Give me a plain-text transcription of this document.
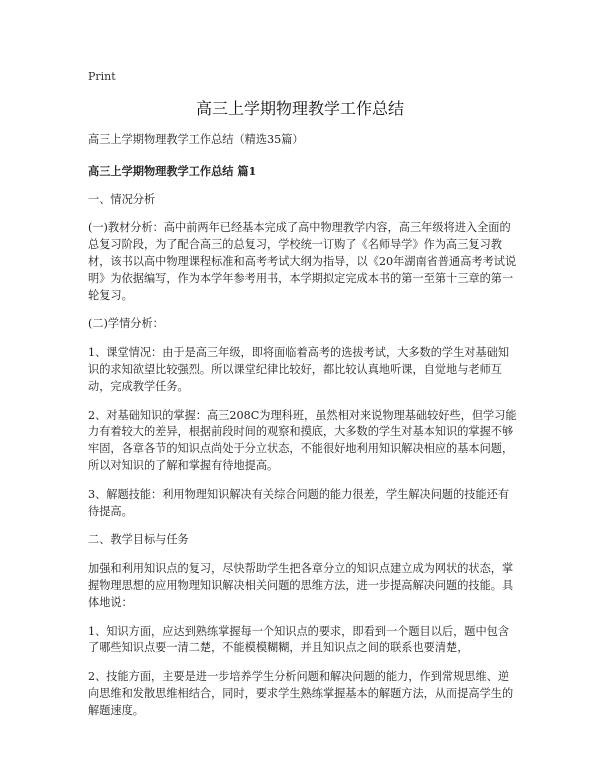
Print
高三上学期物理教学工作总结

高三上学期物理教学工作总结（精选35篇）

高三上学期物理教学工作总结 篇1

一、情况分析

(一)教材分析：高中前两年已经基本完成了高中物理教学内容，高三年级将进入全面的总复习阶段，为了配合高三的总复习，学校统一订购了《名师导学》作为高三复习教材，该书以高中物理课程标准和高考考试大纲为指导，以《20年湖南省普通高考考试说明》为依据编写，作为本学年参考用书，本学期拟定完成本书的第一至第十三章的第一轮复习。

(二)学情分析：

1、课堂情况：由于是高三年级，即将面临着高考的选拔考试，大多数的学生对基础知识的求知欲望比较强烈。所以课堂纪律比较好，都比较认真地听课，自觉地与老师互动，完成教学任务。

2、对基础知识的掌握：高三208C为理科班，虽然相对来说物理基础较好些，但学习能力有着较大的差异，根据前段时间的观察和摸底，大多数的学生对基本知识的掌握不够牢固，各章各节的知识点尚处于分立状态，不能很好地利用知识解决相应的基本问题，所以对知识的了解和掌握有待地提高。

3、解题技能：利用物理知识解决有关综合问题的能力很差，学生解决问题的技能还有待提高。

二、教学目标与任务

加强和利用知识点的复习，尽快帮助学生把各章分立的知识点建立成为网状的状态，掌握物理思想的应用物理知识解决相关问题的思维方法，进一步提高解决问题的技能。具体地说：

1、知识方面，应达到熟练掌握每一个知识点的要求，即看到一个题目以后，题中包含了哪些知识点要一清二楚，不能模模糊糊，并且知识点之间的联系也要清楚，

2、技能方面，主要是进一步培养学生分析问题和解决问题的能力，作到常规思维、逆向思维和发散思维相结合，同时，要求学生熟练掌握基本的解题方法，从而提高学生的解题速度。
